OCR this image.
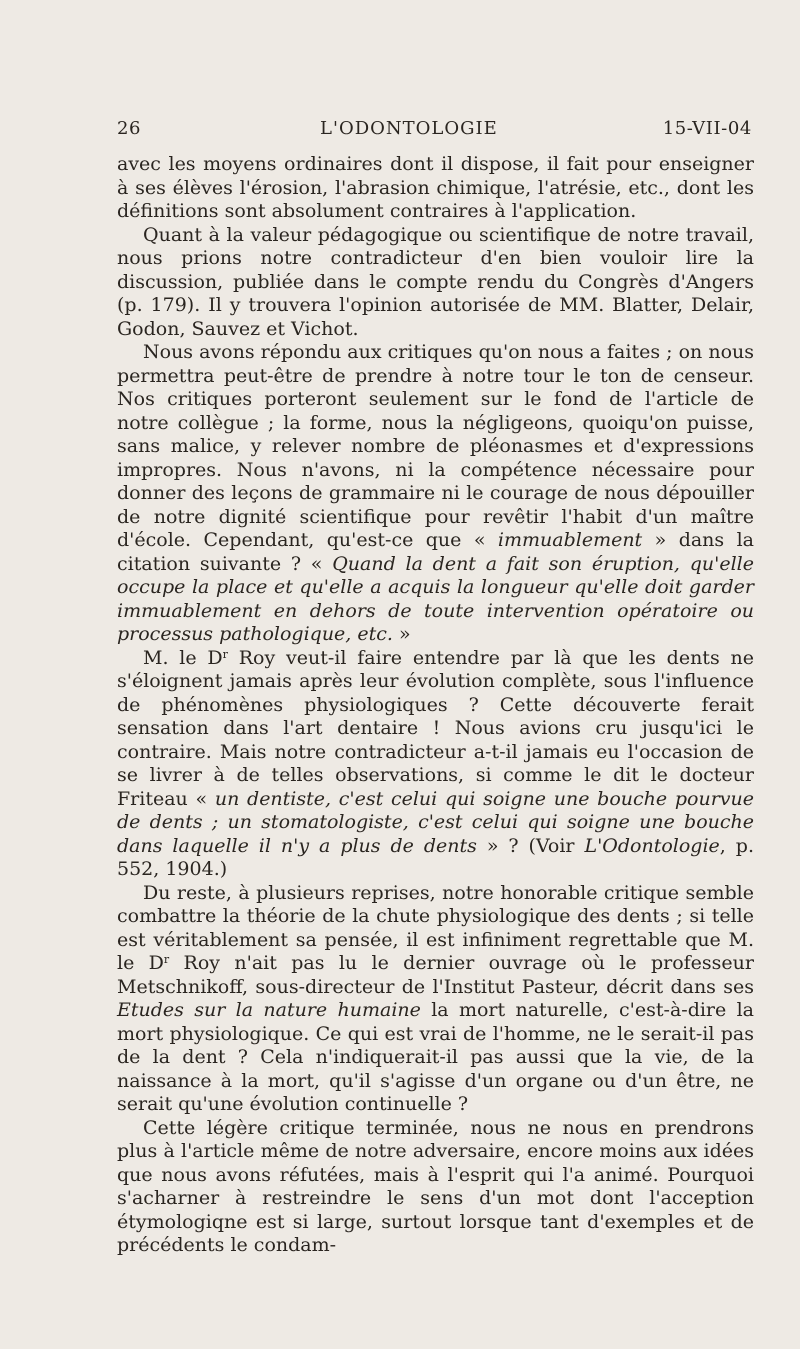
26	L'ODONTOLOGIE	15-VII-04

avec les moyens ordinaires dont il dispose, il fait pour enseigner à ses élèves l'érosion, l'abrasion chimique, l'atrésie, etc., dont les définitions sont absolument contraires à l'application.

Quant à la valeur pédagogique ou scientifique de notre travail, nous prions notre contradicteur d'en bien vouloir lire la discussion, publiée dans le compte rendu du Congrès d'Angers (p. 179). Il y trouvera l'opinion autorisée de MM. Blatter, Delair, Godon, Sauvez et Vichot.

Nous avons répondu aux critiques qu'on nous a faites ; on nous permettra peut-être de prendre à notre tour le ton de censeur. Nos critiques porteront seulement sur le fond de l'article de notre collègue ; la forme, nous la négligeons, quoiqu'on puisse, sans malice, y relever nombre de pléonasmes et d'expressions impropres. Nous n'avons, ni la compétence nécessaire pour donner des leçons de grammaire ni le courage de nous dépouiller de notre dignité scientifique pour revêtir l'habit d'un maître d'école. Cependant, qu'est-ce que « immuablement » dans la citation suivante ? « Quand la dent a fait son éruption, qu'elle occupe la place et qu'elle a acquis la longueur qu'elle doit garder immuablement en dehors de toute intervention opératoire ou processus pathologique, etc. »

M. le $D^r$ Roy veut-il faire entendre par là que les dents ne s'éloignent jamais après leur évolution complète, sous l'influence de phénomènes physiologiques ? Cette découverte ferait sensation dans l'art dentaire ! Nous avions cru jusqu'ici le contraire. Mais notre contradicteur a-t-il jamais eu l'occasion de se livrer à de telles observations, si comme le dit le docteur Friteau « un dentiste, c'est celui qui soigne une bouche pourvue de dents ; un stomatologiste, c'est celui qui soigne une bouche dans laquelle il n'y a plus de dents » ? (Voir L'Odontologie, p. 552, 1904.)

Du reste, à plusieurs reprises, notre honorable critique semble combattre la théorie de la chute physiologique des dents ; si telle est véritablement sa pensée, il est infiniment regrettable que M. le $D^r$ Roy n'ait pas lu le dernier ouvrage où le professeur Metschnikoff, sous-directeur de l'Institut Pasteur, décrit dans ses Etudes sur la nature humaine la mort naturelle, c'est-à-dire la mort physiologique. Ce qui est vrai de l'homme, ne le serait-il pas de la dent ? Cela n'indiquerait-il pas aussi que la vie, de la naissance à la mort, qu'il s'agisse d'un organe ou d'un être, ne serait qu'une évolution continuelle ?

Cette légère critique terminée, nous ne nous en prendrons plus à l'article même de notre adversaire, encore moins aux idées que nous avons réfutées, mais à l'esprit qui l'a animé. Pourquoi s'acharner à restreindre le sens d'un mot dont l'acception étymologiqne est si large, surtout lorsque tant d'exemples et de précédents le condam-
